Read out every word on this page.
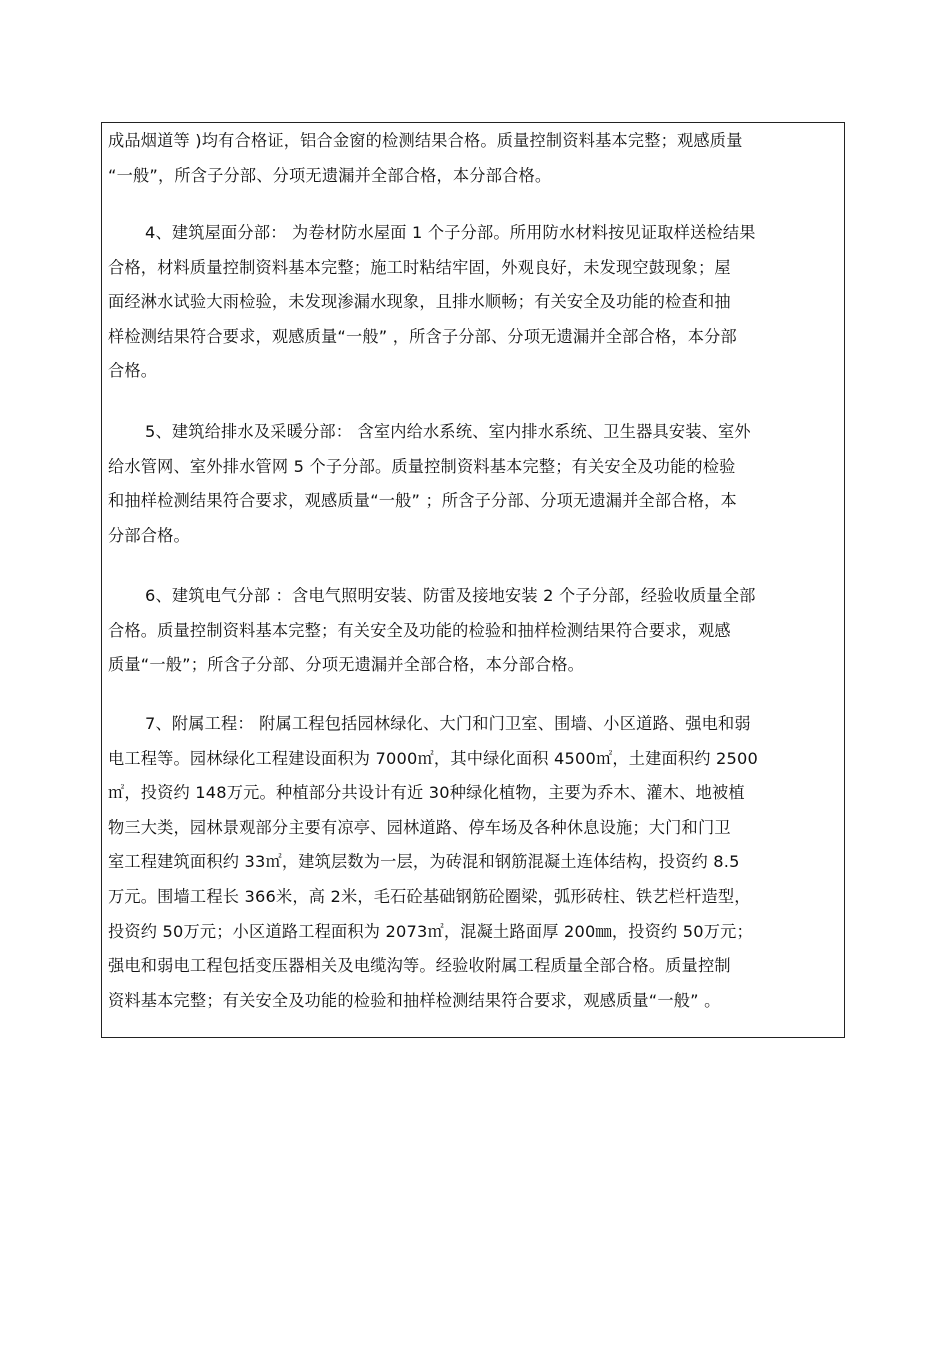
成品烟道等 )均有合格证，铝合金窗的检测结果合格。质量控制资料基本完整；观感质量
“一般”，所含子分部、分项无遗漏并全部合格，本分部合格。
4、建筑屋面分部： 为卷材防水屋面 1 个子分部。所用防水材料按见证取样送检结果
合格，材料质量控制资料基本完整；施工时粘结牢固，外观良好，未发现空鼓现象；屋
面经淋水试验大雨检验，未发现渗漏水现象，且排水顺畅；有关安全及功能的检查和抽
样检测结果符合要求，观感质量“一般” ，所含子分部、分项无遗漏并全部合格，本分部
合格。
5、建筑给排水及采暖分部： 含室内给水系统、室内排水系统、卫生器具安装、室外
给水管网、室外排水管网 5 个子分部。质量控制资料基本完整；有关安全及功能的检验
和抽样检测结果符合要求，观感质量“一般” ；所含子分部、分项无遗漏并全部合格，本
分部合格。
6、建筑电气分部 ：含电气照明安装、防雷及接地安装 2 个子分部，经验收质量全部
合格。质量控制资料基本完整；有关安全及功能的检验和抽样检测结果符合要求，观感
质量“一般”；所含子分部、分项无遗漏并全部合格，本分部合格。
7、附属工程： 附属工程包括园林绿化、大门和门卫室、围墙、小区道路、强电和弱
电工程等。园林绿化工程建设面积为 7000㎡，其中绿化面积 4500㎡，土建面积约 2500
㎡，投资约 148万元。种植部分共设计有近 30种绿化植物，主要为乔木、灌木、地被植
物三大类，园林景观部分主要有凉亭、园林道路、停车场及各种休息设施；大门和门卫
室工程建筑面积约 33㎡，建筑层数为一层，为砖混和钢筋混凝土连体结构，投资约 8.5
万元。围墙工程长 366米，高 2米，毛石砼基础钢筋砼圈梁，弧形砖柱、铁艺栏杆造型，
投资约 50万元；小区道路工程面积为 2073㎡，混凝土路面厚 200㎜，投资约 50万元；
强电和弱电工程包括变压器相关及电缆沟等。经验收附属工程质量全部合格。质量控制
资料基本完整；有关安全及功能的检验和抽样检测结果符合要求，观感质量“一般” 。
